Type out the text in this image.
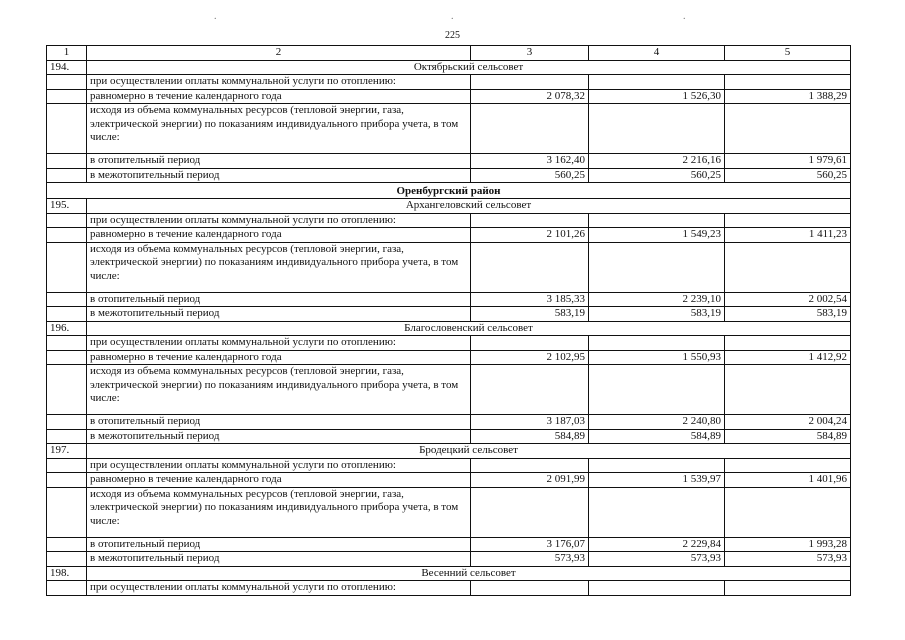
.	.	.
225
1	2	3	4	5
194.	Октябрьский сельсовет			
	при осуществлении оплаты коммунальной услуги по отоплению:			
	равномерно в течение календарного года	2 078,32	1 526,30	1 388,29
	исходя из объема коммунальных ресурсов (тепловой энергии, газа, электрической энергии) по показаниям индивидуального прибора учета, в том числе:			
	в отопительный период	3 162,40	2 216,16	1 979,61
	в межотопительный период	560,25	560,25	560,25
Оренбургский район				
195.	Архангеловский сельсовет			
	при осуществлении оплаты коммунальной услуги по отоплению:			
	равномерно в течение календарного года	2 101,26	1 549,23	1 411,23
	исходя из объема коммунальных ресурсов (тепловой энергии, газа, электрической энергии) по показаниям индивидуального прибора учета, в том числе:			
	в отопительный период	3 185,33	2 239,10	2 002,54
	в межотопительный период	583,19	583,19	583,19
196.	Благословенский сельсовет			
	при осуществлении оплаты коммунальной услуги по отоплению:			
	равномерно в течение календарного года	2 102,95	1 550,93	1 412,92
	исходя из объема коммунальных ресурсов (тепловой энергии, газа, электрической энергии) по показаниям индивидуального прибора учета, в том числе:			
	в отопительный период	3 187,03	2 240,80	2 004,24
	в межотопительный период	584,89	584,89	584,89
197.	Бродецкий сельсовет			
	при осуществлении оплаты коммунальной услуги по отоплению:			
	равномерно в течение календарного года	2 091,99	1 539,97	1 401,96
	исходя из объема коммунальных ресурсов (тепловой энергии, газа, электрической энергии) по показаниям индивидуального прибора учета, в том числе:			
	в отопительный период	3 176,07	2 229,84	1 993,28
	в межотопительный период	573,93	573,93	573,93
198.	Весенний сельсовет			
	при осуществлении оплаты коммунальной услуги по отоплению:			
